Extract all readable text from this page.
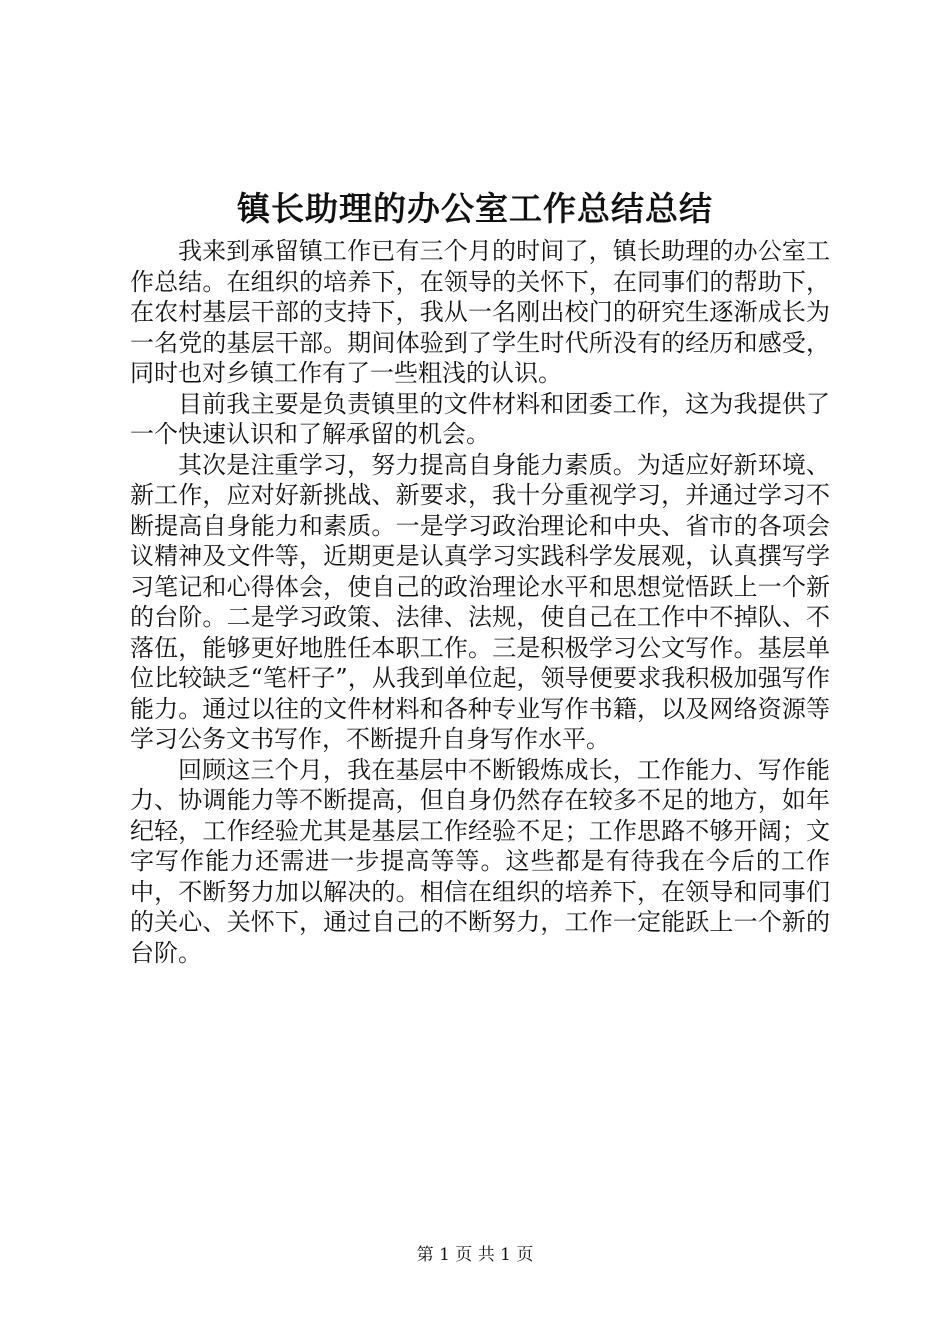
镇长助理的办公室工作总结总结

我来到承留镇工作已有三个月的时间了，镇长助理的办公室工作总结。在组织的培养下，在领导的关怀下，在同事们的帮助下，在农村基层干部的支持下，我从一名刚出校门的研究生逐渐成长为一名党的基层干部。期间体验到了学生时代所没有的经历和感受，同时也对乡镇工作有了一些粗浅的认识。

目前我主要是负责镇里的文件材料和团委工作，这为我提供了一个快速认识和了解承留的机会。

其次是注重学习，努力提高自身能力素质。为适应好新环境、新工作，应对好新挑战、新要求，我十分重视学习，并通过学习不断提高自身能力和素质。一是学习政治理论和中央、省市的各项会议精神及文件等，近期更是认真学习实践科学发展观，认真撰写学习笔记和心得体会，使自己的政治理论水平和思想觉悟跃上一个新的台阶。二是学习政策、法律、法规，使自己在工作中不掉队、不落伍，能够更好地胜任本职工作。三是积极学习公文写作。基层单位比较缺乏“笔杆子”，从我到单位起，领导便要求我积极加强写作能力。通过以往的文件材料和各种专业写作书籍，以及网络资源等学习公务文书写作，不断提升自身写作水平。

回顾这三个月，我在基层中不断锻炼成长，工作能力、写作能力、协调能力等不断提高，但自身仍然存在较多不足的地方，如年纪轻，工作经验尤其是基层工作经验不足；工作思路不够开阔；文字写作能力还需进一步提高等等。这些都是有待我在今后的工作中，不断努力加以解决的。相信在组织的培养下，在领导和同事们的关心、关怀下，通过自己的不断努力，工作一定能跃上一个新的台阶。

第 1 页 共 1 页
